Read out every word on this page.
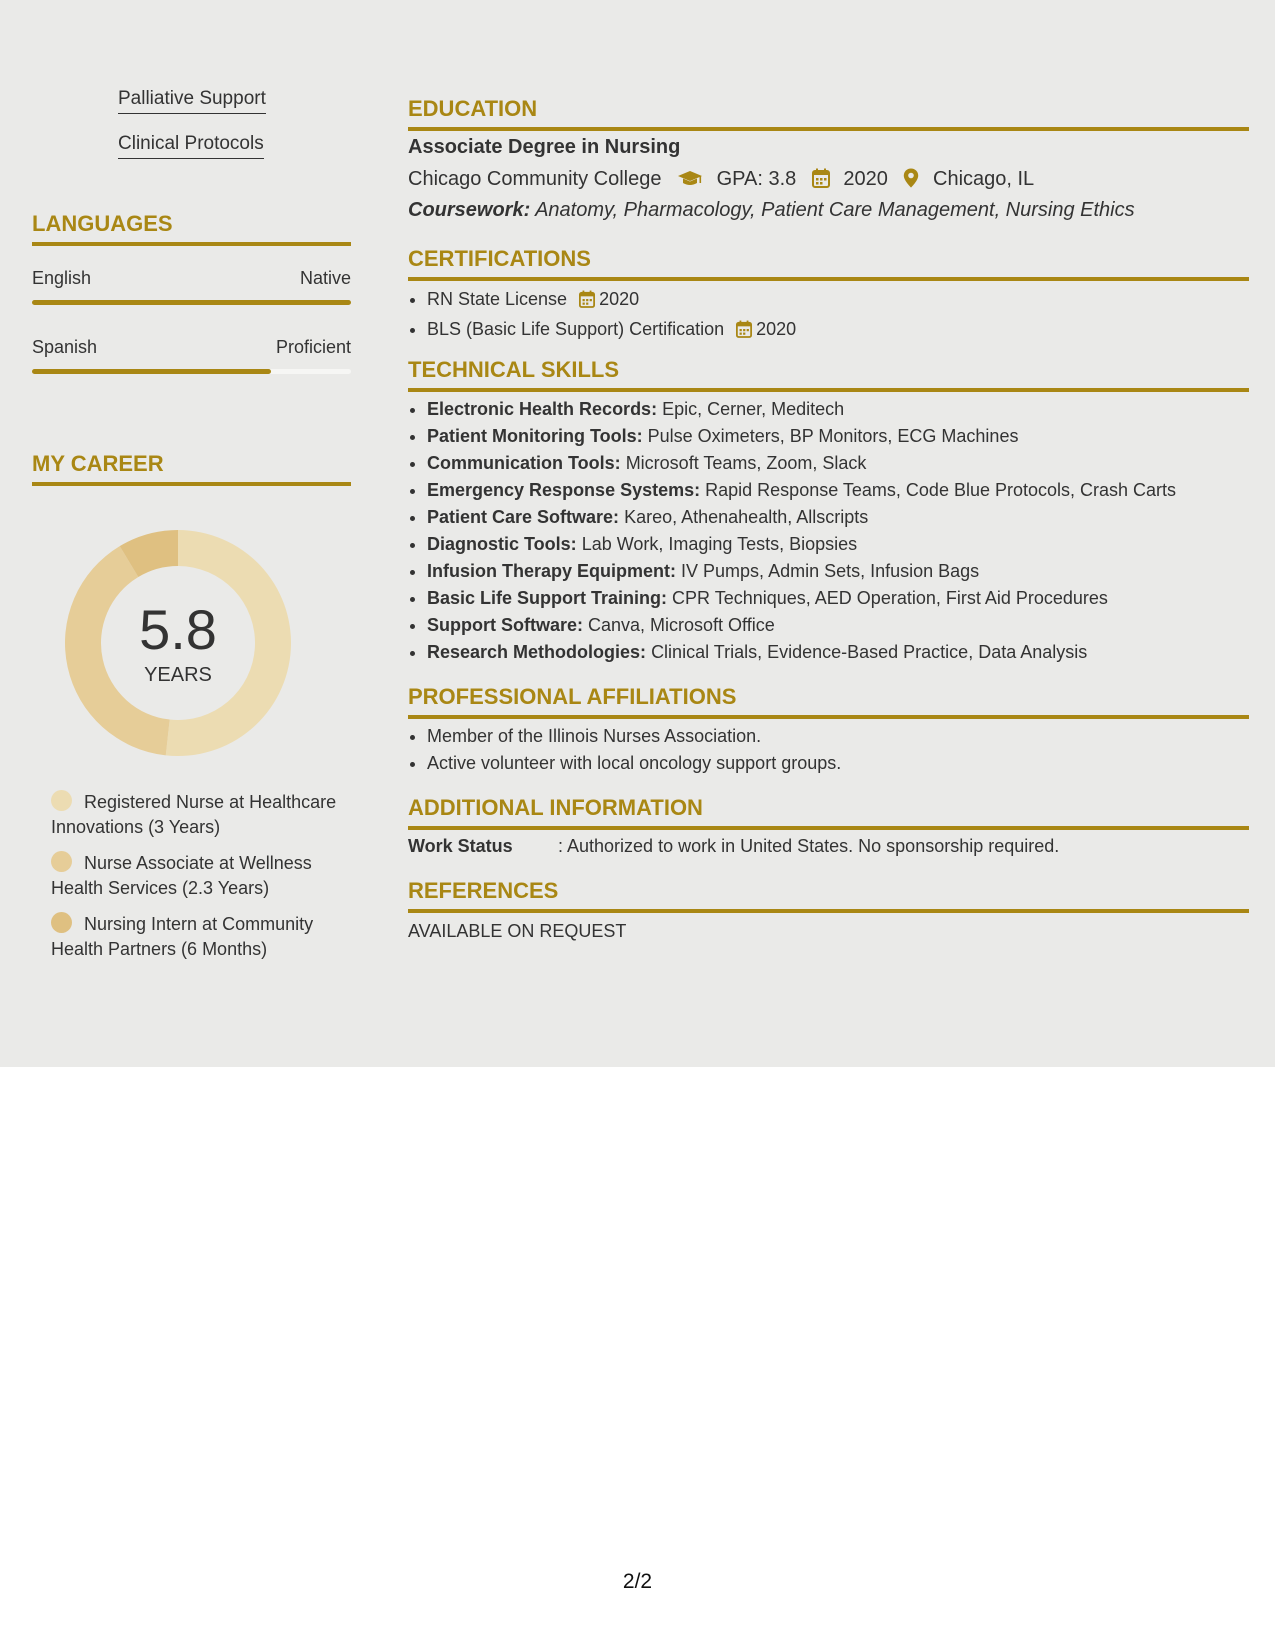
Palliative Support
Clinical Protocols
LANGUAGES
English	Native
Spanish	Proficient
MY CAREER
5.8
YEARS
Registered Nurse at Healthcare Innovations (3 Years)
Nurse Associate at Wellness Health Services (2.3 Years)
Nursing Intern at Community Health Partners (6 Months)
EDUCATION
Associate Degree in Nursing
Chicago Community College	GPA: 3.8 2020 Chicago, IL
Coursework: Anatomy, Pharmacology, Patient Care Management, Nursing Ethics
CERTIFICATIONS
• RN State License 2020
• BLS (Basic Life Support) Certification 2020
TECHNICAL SKILLS
• Electronic Health Records: Epic, Cerner, Meditech
• Patient Monitoring Tools: Pulse Oximeters, BP Monitors, ECG Machines
• Communication Tools: Microsoft Teams, Zoom, Slack
• Emergency Response Systems: Rapid Response Teams, Code Blue Protocols, Crash Carts
• Patient Care Software: Kareo, Athenahealth, Allscripts
• Diagnostic Tools: Lab Work, Imaging Tests, Biopsies
• Infusion Therapy Equipment: IV Pumps, Admin Sets, Infusion Bags
• Basic Life Support Training: CPR Techniques, AED Operation, First Aid Procedures
• Support Software: Canva, Microsoft Office
• Research Methodologies: Clinical Trials, Evidence-Based Practice, Data Analysis
PROFESSIONAL AFFILIATIONS
• Member of the Illinois Nurses Association.
• Active volunteer with local oncology support groups.
ADDITIONAL INFORMATION
Work Status	: Authorized to work in United States. No sponsorship required.
REFERENCES
AVAILABLE ON REQUEST
2/2
